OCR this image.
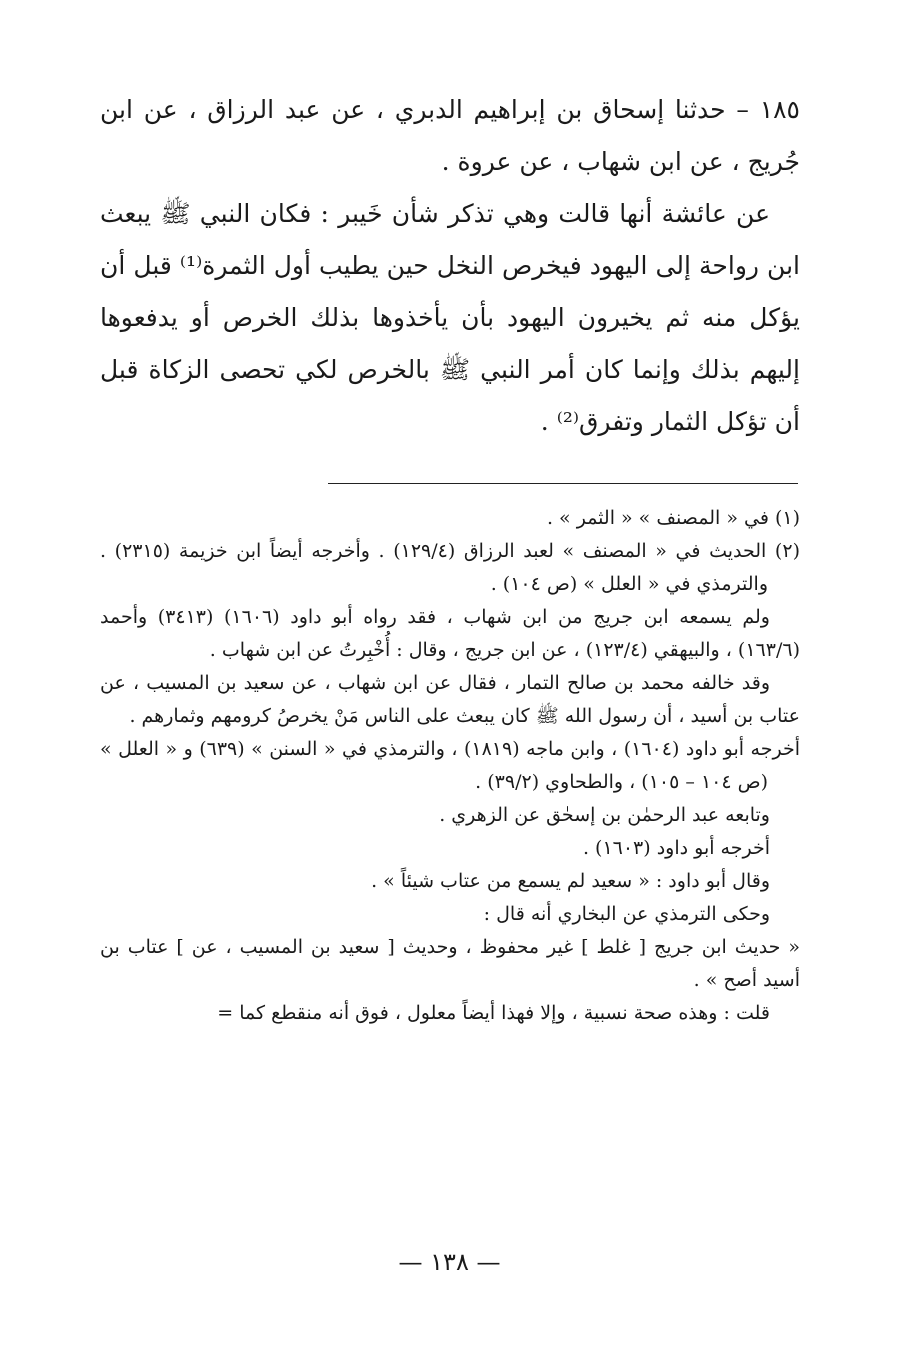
١٨٥ – حدثنا إسحاق بن إبراهيم الدبري ، عن عبد الرزاق ، عن ابن جُريج ، عن ابن شهاب ، عن عروة .

عن عائشة أنها قالت وهي تذكر شأن خَيبر : فكان النبي ﷺ يبعث ابن رواحة إلى اليهود فيخرص النخل حين يطيب أول الثمرة⁽¹⁾ قبل أن يؤكل منه ثم يخيرون اليهود بأن يأخذوها بذلك الخرص أو يدفعوها إليهم بذلك وإنما كان أمر النبي ﷺ بالخرص لكي تحصى الزكاة قبل أن تؤكل الثمار وتفرق⁽²⁾ .

(١) في « المصنف » « الثمر » .

(٢) الحديث في « المصنف » لعبد الرزاق (١٢٩/٤) . وأخرجه أيضاً ابن خزيمة (٢٣١٥) . والترمذي في « العلل » (ص ١٠٤) .

ولم يسمعه ابن جريج من ابن شهاب ، فقد رواه أبو داود (١٦٠٦) (٣٤١٣) وأحمد (١٦٣/٦) ، والبيهقي (١٢٣/٤) ، عن ابن جريج ، وقال : أُخْبِرتُ عن ابن شهاب .

وقد خالفه محمد بن صالح التمار ، فقال عن ابن شهاب ، عن سعيد بن المسيب ، عن عتاب بن أسيد ، أن رسول الله ﷺ كان يبعث على الناس مَنْ يخرصُ كرومهم وثمارهم .

أخرجه أبو داود (١٦٠٤) ، وابن ماجه (١٨١٩) ، والترمذي في « السنن » (٦٣٩) و « العلل » (ص ١٠٤ – ١٠٥) ، والطحاوي (٣٩/٢) .

وتابعه عبد الرحمٰن بن إسحٰق عن الزهري .

أخرجه أبو داود (١٦٠٣) .

وقال أبو داود : « سعيد لم يسمع من عتاب شيئاً » .

وحكى الترمذي عن البخاري أنه قال :

« حديث ابن جريج [ غلط ] غير محفوظ ، وحديث [ سعيد بن المسيب ، عن ] عتاب بن أسيد أصح » .

قلت : وهذه صحة نسبية ، وإلا فهذا أيضاً معلول ، فوق أنه منقطع كما =

— ١٣٨ —
